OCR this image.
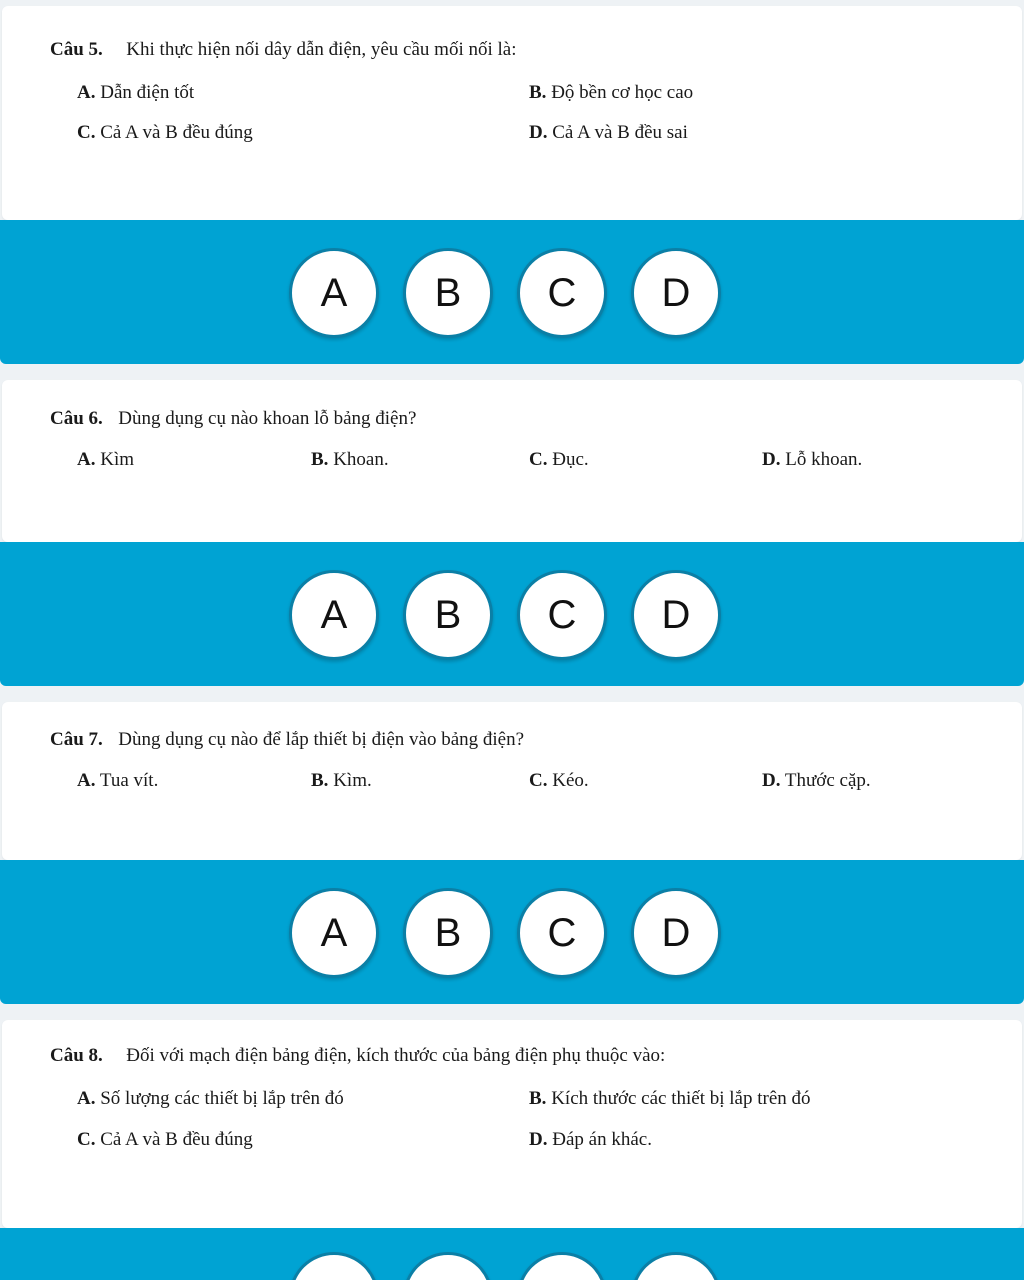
Câu 5. Khi thực hiện nối dây dẫn điện, yêu cầu mối nối là:
A. Dẫn điện tốt	B. Độ bền cơ học cao
C. Cả A và B đều đúng	D. Cả A và B đều sai
A	B	C	D
Câu 6. Dùng dụng cụ nào khoan lỗ bảng điện?
A. Kìm	B. Khoan.	C. Đục.	D. Lỗ khoan.
A	B	C	D
Câu 7. Dùng dụng cụ nào để lắp thiết bị điện vào bảng điện?
A. Tua vít.	B. Kìm.	C. Kéo.	D. Thước cặp.
A	B	C	D
Câu 8. Đối với mạch điện bảng điện, kích thước của bảng điện phụ thuộc vào:
A. Số lượng các thiết bị lắp trên đó	B. Kích thước các thiết bị lắp trên đó
C. Cả A và B đều đúng	D. Đáp án khác.
